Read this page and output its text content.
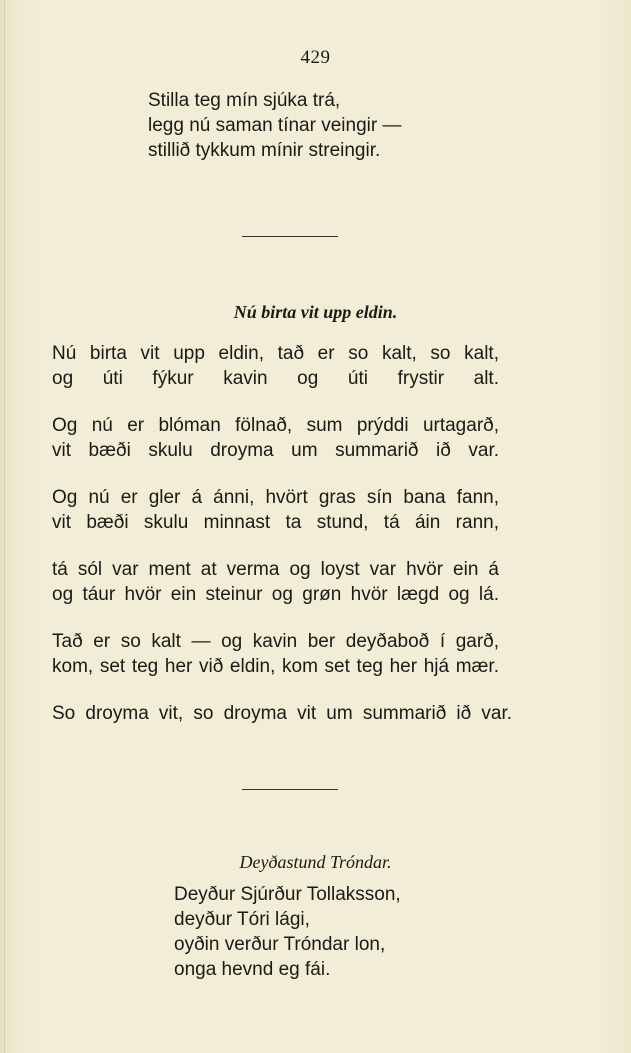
429
Stilla teg mín sjúka trá,
legg nú saman tínar veingir —
stillið tykkum mínir streingir.
Nú birta vit upp eldin.
Nú birta vit upp eldin, tað er so kalt, so kalt,
og úti fýkur kavin og úti frystir alt.
Og nú er blóman fölnað, sum prýddi urtagarð,
vit bæði skulu droyma um summarið ið var.
Og nú er gler á ánni, hvört gras sín bana fann,
vit bæði skulu minnast ta stund, tá áin rann,
tá sól var ment at verma og loyst var hvör ein á
og táur hvör ein steinur og grøn hvör lægd og lá.
Tað er so kalt — og kavin ber deyðaboð í garð,
kom, set teg her við eldin, kom set teg her hjá mær.
So droyma vit, so droyma vit um summarið ið var.
Deyðastund Tróndar.
Deyður Sjúrður Tollaksson,
deyður Tóri lági,
oyðin verður Tróndar lon,
onga hevnd eg fái.
